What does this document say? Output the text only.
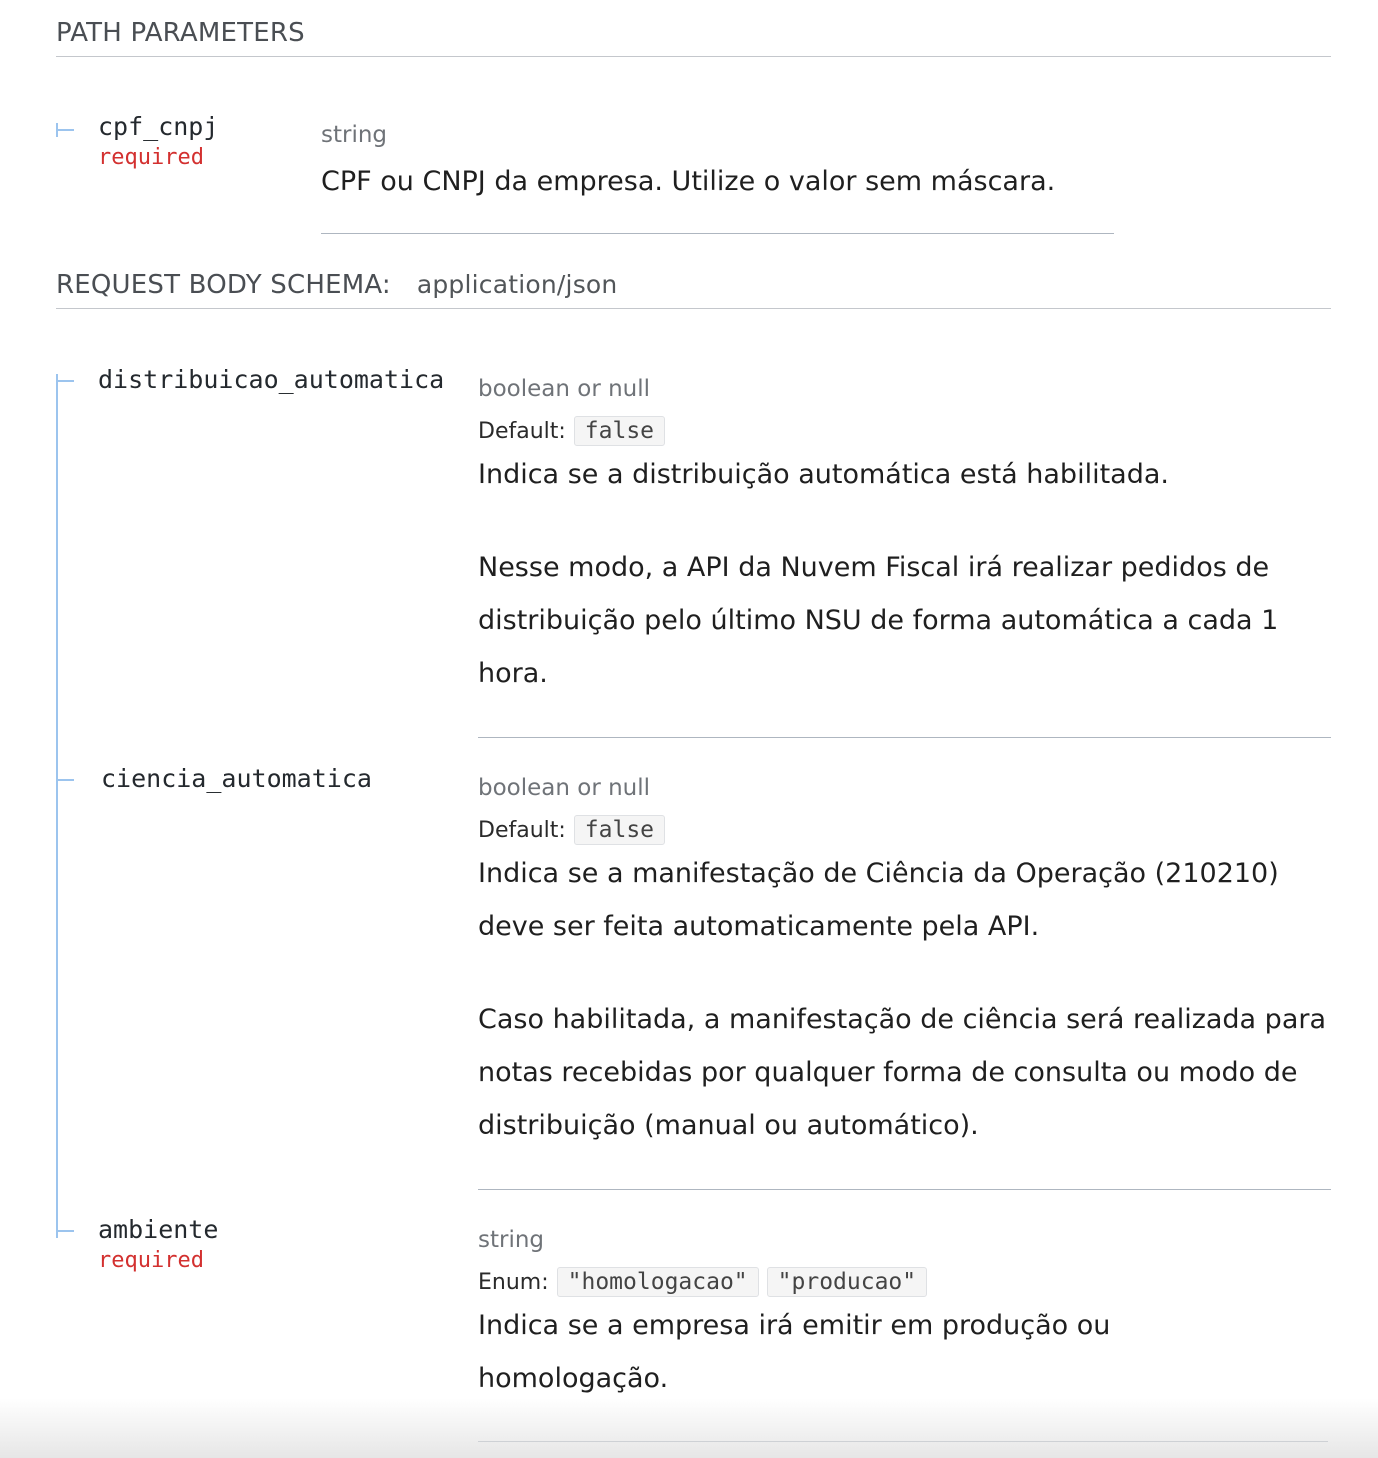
PATH PARAMETERS
cpf_cnpj
required
string

CPF ou CNPJ da empresa. Utilize o valor sem máscara.

REQUEST BODY SCHEMA: application/json
distribuicao_automatica boolean or null
Default: false

Indica se a distribuição automática está habilitada.

Nesse modo, a API da Nuvem Fiscal irá realizar pedidos de distribuição pelo último NSU de forma automática a cada 1 hora.

ciencia_automatica	boolean or null
Default: false

Indica se a manifestação de Ciência da Operação (210210) deve ser feita automaticamente pela API.

Caso habilitada, a manifestação de ciência será realizada para notas recebidas por qualquer forma de consulta ou modo de distribuição (manual ou automático).

ambiente
required
string
Enum: "homologacao"	"producao"

Indica se a empresa irá emitir em produção ou homologação.
